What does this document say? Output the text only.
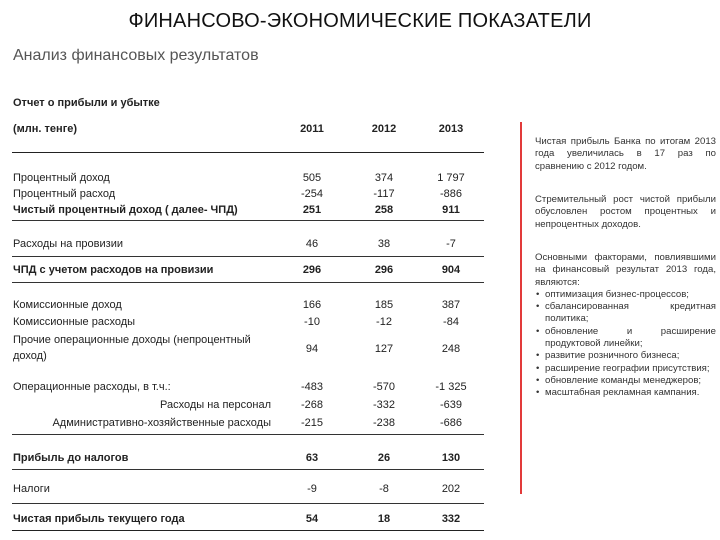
ФИНАНСОВО-ЭКОНОМИЧЕСКИЕ ПОКАЗАТЕЛИ
Анализ финансовых результатов
Отчет о прибыли и убытке
(млн. тенге)	2011	2012	2013
Процентный доход	505	374	1 797
Процентный расход	-254	-117	-886
Чистый процентный доход ( далее- ЧПД)	251	258	911
Расходы на провизии	46	38	-7
ЧПД с учетом расходов на провизии	296	296	904
Комиссионные доход	166	185	387
Комиссионные расходы	-10	-12	-84
Прочие операционные доходы (непроцентный
доход)
94	127	248
Операционные расходы, в т.ч.:	-483	-570	-1 325
Расходы на персонал	-268	-332	-639
Административно-хозяйственные расходы	-215	-238	-686
Прибыль до налогов	63	26	130
Налоги	-9	-8	202
Чистая прибыль текущего года	54	18	332
Чистая прибыль Банка по итогам 2013 года увеличилась в 17 раз по сравнению с 2012 годом.
Стремительный рост чистой прибыли обусловлен ростом процентных и непроцентных доходов.
Основными факторами, повлиявшими на финансовый результат 2013 года, являются:
• оптимизация бизнес-процессов;
• сбалансированная кредитная политика;
• обновление и расширение продуктовой линейки;
• развитие розничного бизнеса;
• расширение географии присутствия;
• обновление команды менеджеров;
• масштабная рекламная кампания.
